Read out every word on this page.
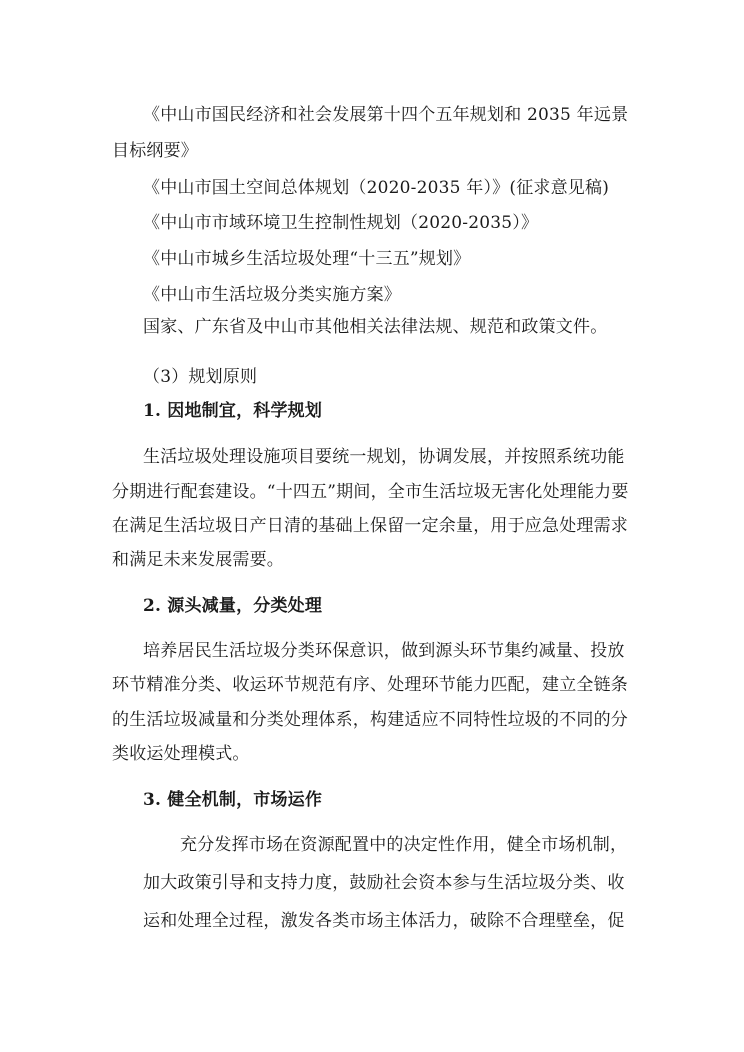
《中山市国民经济和社会发展第十四个五年规划和 2035 年远景
目标纲要》
《中山市国土空间总体规划（2020-2035 年）》(征求意见稿)
《中山市市域环境卫生控制性规划（2020-2035）》
《中山市城乡生活垃圾处理“十三五”规划》
《中山市生活垃圾分类实施方案》
国家、广东省及中山市其他相关法律法规、规范和政策文件。
（3）规划原则
1. 因地制宜，科学规划
生活垃圾处理设施项目要统一规划，协调发展，并按照系统功能
分期进行配套建设。“十四五”期间，全市生活垃圾无害化处理能力要
在满足生活垃圾日产日清的基础上保留一定余量，用于应急处理需求
和满足未来发展需要。
2. 源头减量，分类处理
培养居民生活垃圾分类环保意识，做到源头环节集约减量、投放
环节精准分类、收运环节规范有序、处理环节能力匹配，建立全链条
的生活垃圾减量和分类处理体系，构建适应不同特性垃圾的不同的分
类收运处理模式。
3. 健全机制，市场运作
充分发挥市场在资源配置中的决定性作用，健全市场机制，
加大政策引导和支持力度，鼓励社会资本参与生活垃圾分类、收
运和处理全过程，激发各类市场主体活力，破除不合理壁垒，促
